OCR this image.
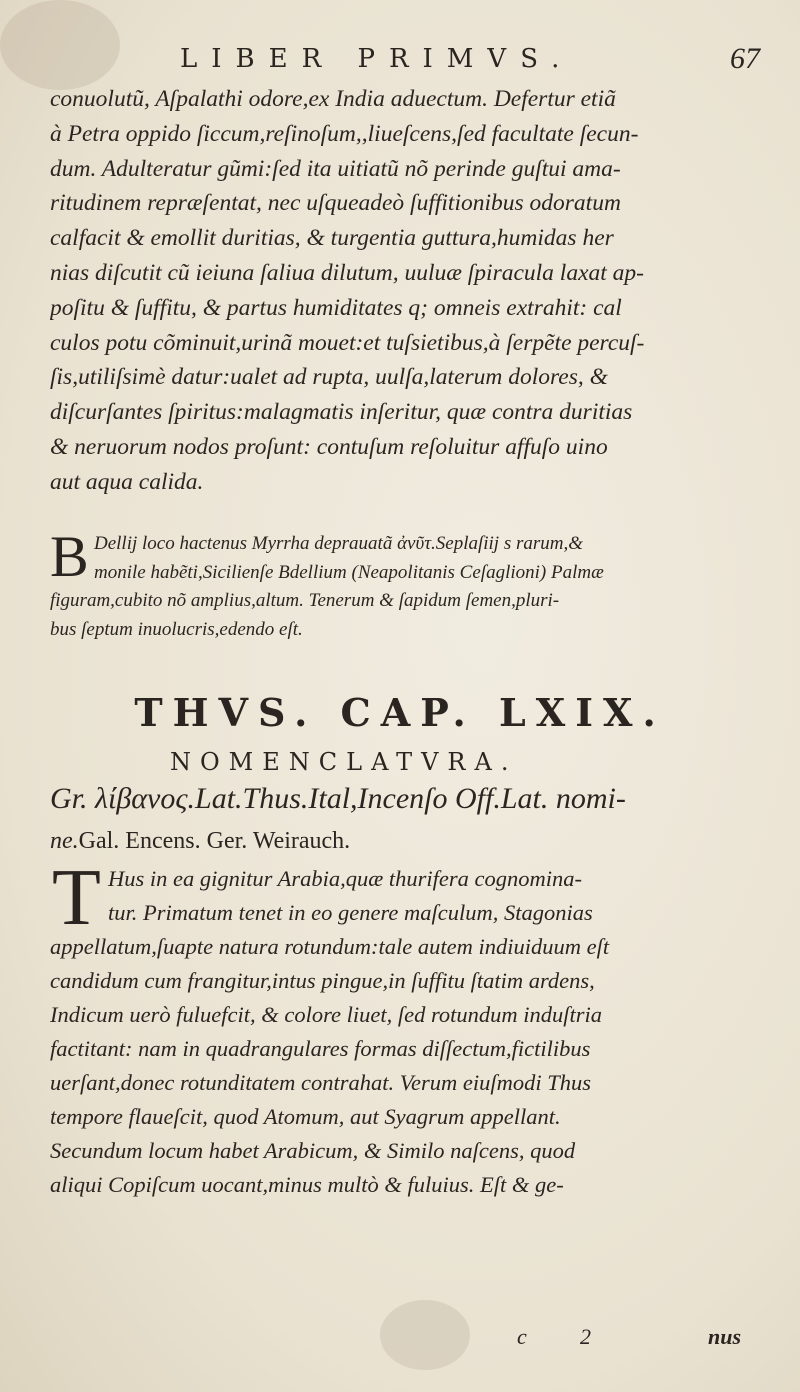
LIBER PRIMVS.	67
conuolutũ, Aſpalathi odore,ex India aduectum. Defertur etiã
à Petra oppido ſiccum,reſinoſum,,liueſcens,ſed facultate ſecun-
dum. Adulteratur gũmi:ſed ita uitiatũ nõ perinde guſtui ama-
ritudinem repræſentat, nec uſqueadeò ſuffitionibus odoratum
calfacit & emollit duritias, & turgentia guttura,humidas her
nias diſcutit cũ ieiuna ſaliua dilutum, uuluæ ſpiracula laxat ap-
poſitu & ſuffitu, & partus humiditates q; omneis extrahit: cal
culos potu cõminuit,urinã mouet:et tuſsietibus,à ſerpẽte percuſ-
ſis,utiliſsimè datur:ualet ad rupta, uulſa,laterum dolores, &
diſcurſantes ſpiritus:malagmatis inſeritur, quæ contra duritias
& neruorum nodos proſunt: contuſum reſoluitur affuſo uino
aut aqua calida.
B Dellij loco hactenus Myrrha deprauatã ἀνῦτ.Seplaſiij s rarum,&
monile habẽti,Sicilienſe Bdellium (Neapolitanis Ceſaglioni) Palmæ
figuram,cubito nõ amplius,altum. Tenerum & ſapidum ſemen,pluri-
bus ſeptum inuolucris,edendo eſt.
THVS. CAP. LXIX.
NOMENCLATVRA.
Gr. λίβανος.Lat.Thus.Ital,Incenſo Off.Lat. nomi-
ne.Gal. Encens. Ger. Weirauch.
T Hus in ea gignitur Arabia,quæ thurifera cognomina-
tur. Primatum tenet in eo genere maſculum, Stagonias
appellatum,ſuapte natura rotundum:tale autem indiuiduum eſt
candidum cum frangitur,intus pingue,in ſuffitu ſtatim ardens,
Indicum uerò fuluefcit, & colore liuet, ſed rotundum induſtria
factitant: nam in quadrangulares formas diſſectum,fictilibus
uerſant,donec rotunditatem contrahat. Verum eiuſmodi Thus
tempore flaueſcit, quod Atomum, aut Syagrum appellant.
Secundum locum habet Arabicum, & Similo naſcens, quod
aliqui Copiſcum uocant,minus multò & fuluius. Eſt & ge-
c 2	nus
